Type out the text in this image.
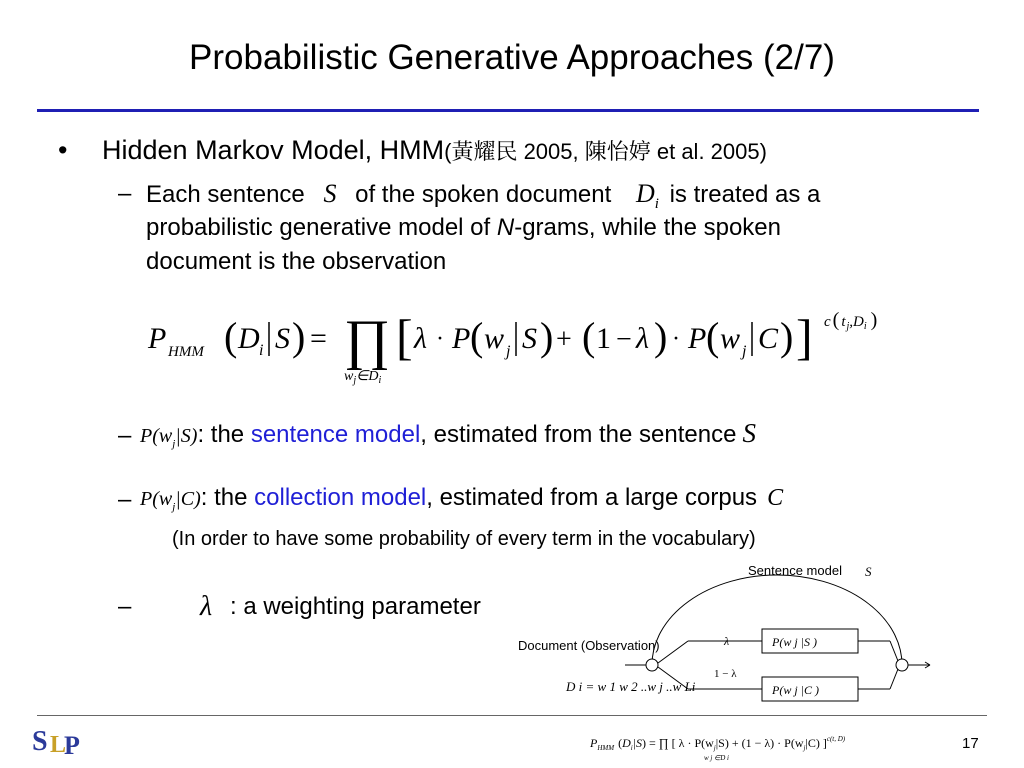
Probabilistic Generative Approaches (2/7)
• Hidden Markov Model, HMM(黃耀民 2005, 陳怡婷 et al. 2005)
– Each sentence S of the spoken document $D_i$ is treated as a
probabilistic generative model of N-grams, while the spoken
document is the observation
P HMM ( D i S ) = ∏
$w_j\in D_i$
[ λ · P ( w j S ) + ( 1 − λ ) · P ( w j C ) ] c ( $t_j,D_i$ )
– $P(w_j|S)$: the sentence model, estimated from the sentence S
– $P(w_j|C)$: the collection model, estimated from a large corpus C
(In order to have some probability of every term in the vocabulary)
– λ : a weighting parameter
Sentence model S
Document (Observation)	λ
1 − λ
P(w j |S )
P(w j |C )
D i = w 1 w 2 ..w j ..w Li
S L
P	$P_{HMM}$ $(D_i|S)$ = ∏ [ $\lambda \cdot P(w_j|S) + (1 - \lambda) \cdot P(w_j|C)$ ]$^{c(t, D)}$
w j ∈D i
17
